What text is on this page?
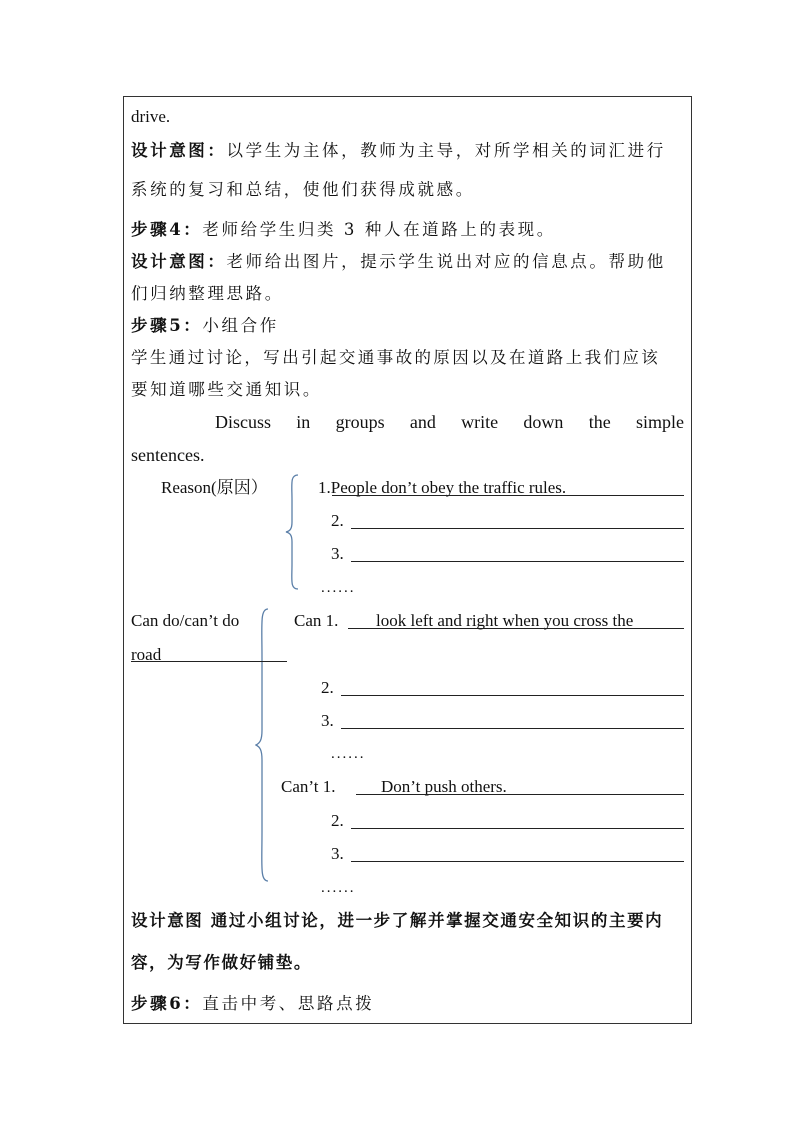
drive.
设计意图：以学生为主体，教师为主导，对所学相关的词汇进行
系统的复习和总结，使他们获得成就感。
步骤4：老师给学生归类 3 种人在道路上的表现。
设计意图：老师给出图片，提示学生说出对应的信息点。帮助他
们归纳整理思路。
步骤5：小组合作
学生通过讨论，写出引起交通事故的原因以及在道路上我们应该
要知道哪些交通知识。
Discuss in groups and write down the simple
sentences.
Reason(原因）	1.People don’t obey the traffic rules.
2.
3.
......
Can do/can’t do	Can 1. look left and right when you cross the
road
2.
3.
......
Can’t 1.	Don’t push others.
2.
3.
......
设计意图 通过小组讨论，进一步了解并掌握交通安全知识的主要内
容，为写作做好铺垫。
步骤6：直击中考、思路点拨
